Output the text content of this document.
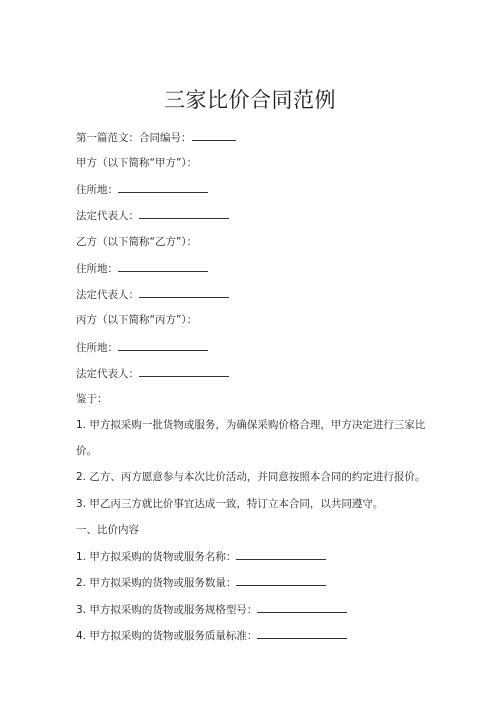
三家比价合同范例
第一篇范文：合同编号：
甲方（以下简称“甲方”）：
住所地：
法定代表人：
乙方（以下简称“乙方”）：
住所地：
法定代表人：
丙方（以下简称“丙方”）：
住所地：
法定代表人：
鉴于：
1. 甲方拟采购一批货物或服务，为确保采购价格合理，甲方决定进行三家比
价。
2. 乙方、丙方愿意参与本次比价活动，并同意按照本合同的约定进行报价。
3. 甲乙丙三方就比价事宜达成一致，特订立本合同，以共同遵守。
一、比价内容
1. 甲方拟采购的货物或服务名称：
2. 甲方拟采购的货物或服务数量：
3. 甲方拟采购的货物或服务规格型号：
4. 甲方拟采购的货物或服务质量标准：
